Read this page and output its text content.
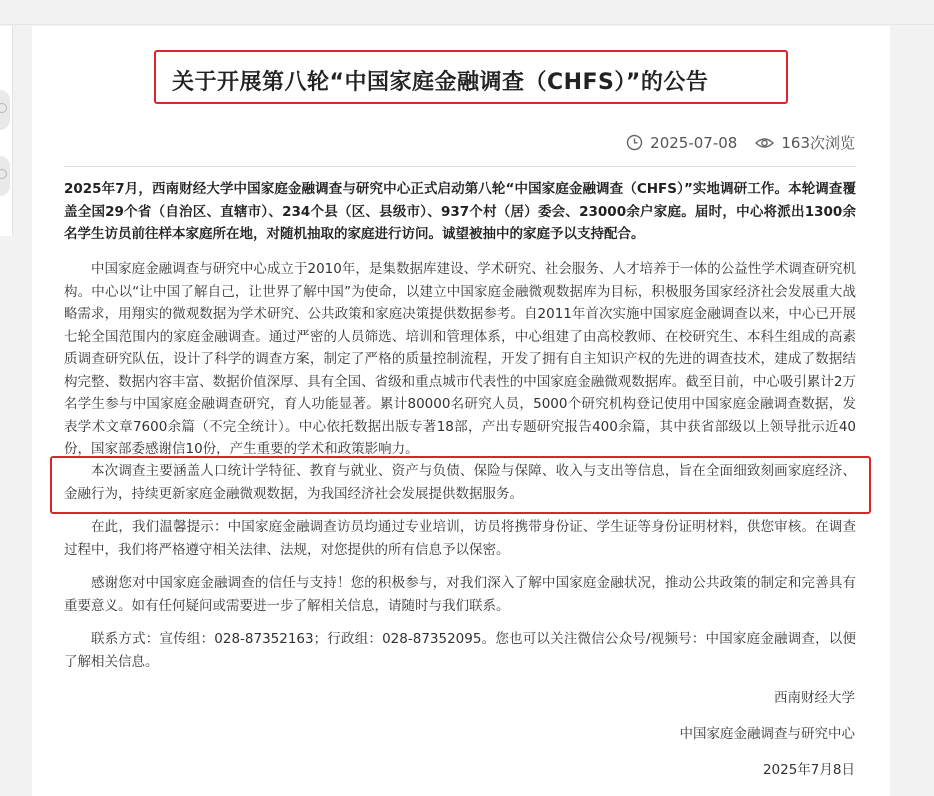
关于开展第八轮“中国家庭金融调查（CHFS）”的公告
2025-07-08	163次浏览

2025年7月，西南财经大学中国家庭金融调查与研究中心正式启动第八轮“中国家庭金融调查（CHFS）”实地调研工作。本轮调查覆盖全国29个省（自治区、直辖市）、234个县（区、县级市）、937个村（居）委会、23000余户家庭。届时，中心将派出1300余名学生访员前往样本家庭所在地，对随机抽取的家庭进行访问。诚望被抽中的家庭予以支持配合。

中国家庭金融调查与研究中心成立于2010年，是集数据库建设、学术研究、社会服务、人才培养于一体的公益性学术调查研究机构。中心以“让中国了解自己，让世界了解中国”为使命，以建立中国家庭金融微观数据库为目标，积极服务国家经济社会发展重大战略需求，用翔实的微观数据为学术研究、公共政策和家庭决策提供数据参考。自2011年首次实施中国家庭金融调查以来，中心已开展七轮全国范围内的家庭金融调查。通过严密的人员筛选、培训和管理体系，中心组建了由高校教师、在校研究生、本科生组成的高素质调查研究队伍，设计了科学的调查方案，制定了严格的质量控制流程，开发了拥有自主知识产权的先进的调查技术，建成了数据结构完整、数据内容丰富、数据价值深厚、具有全国、省级和重点城市代表性的中国家庭金融微观数据库。截至目前，中心吸引累计2万名学生参与中国家庭金融调查研究，育人功能显著。累计80000名研究人员，5000个研究机构登记使用中国家庭金融调查数据，发表学术文章7600余篇（不完全统计）。中心依托数据出版专著18部，产出专题研究报告400余篇，其中获省部级以上领导批示近40份，国家部委感谢信10份，产生重要的学术和政策影响力。

本次调查主要涵盖人口统计学特征、教育与就业、资产与负债、保险与保障、收入与支出等信息，旨在全面细致刻画家庭经济、金融行为，持续更新家庭金融微观数据，为我国经济社会发展提供数据服务。

在此，我们温馨提示：中国家庭金融调查访员均通过专业培训，访员将携带身份证、学生证等身份证明材料，供您审核。在调查过程中，我们将严格遵守相关法律、法规，对您提供的所有信息予以保密。

感谢您对中国家庭金融调查的信任与支持！您的积极参与，对我们深入了解中国家庭金融状况，推动公共政策的制定和完善具有重要意义。如有任何疑问或需要进一步了解相关信息，请随时与我们联系。

联系方式：宣传组：028-87352163；行政组：028-87352095。您也可以关注微信公众号/视频号：中国家庭金融调查，以便了解相关信息。

西南财经大学
中国家庭金融调查与研究中心
2025年7月8日
